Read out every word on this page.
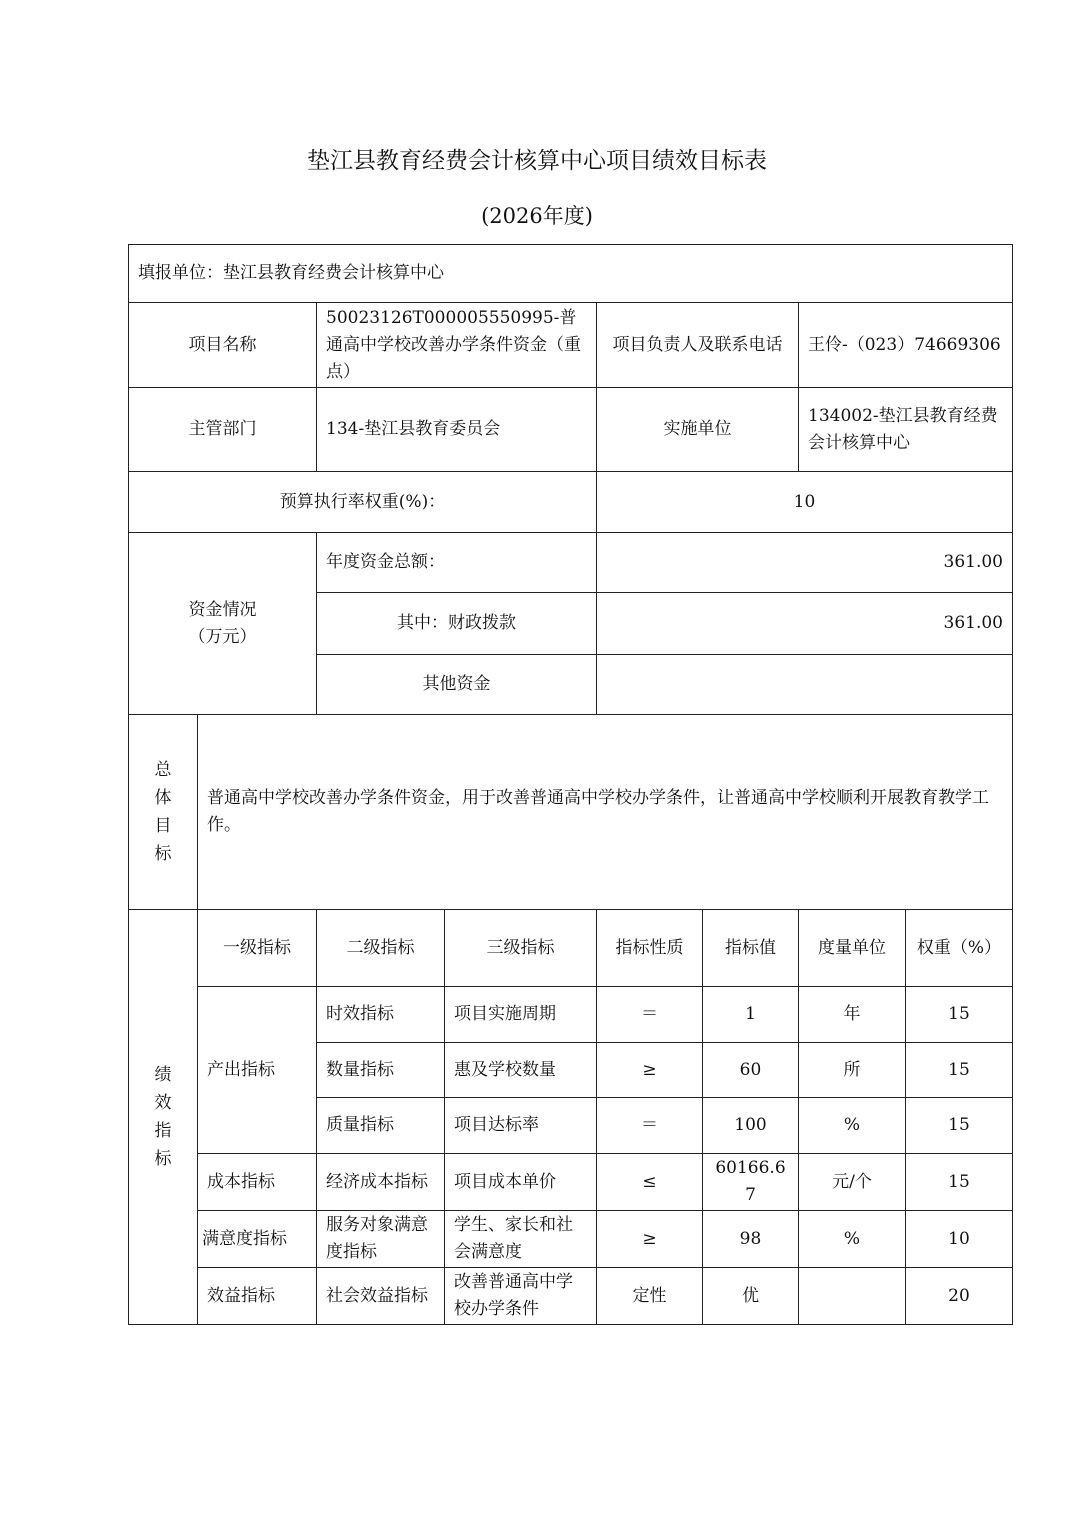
垫江县教育经费会计核算中心项目绩效目标表
(2026年度)
填报单位：垫江县教育经费会计核算中心							
项目名称		50023126T000005550995-普通高中学校改善办学条件资金（重点）		项目负责人及联系电话		王伶-（023）74669306	
主管部门		134-垫江县教育委员会		实施单位		134002-垫江县教育经费会计核算中心	
预算执行率权重(%)：				10			
资金情况（万元）		年度资金总额：		361.00			
		其中：财政拨款		361.00			
		其他资金					
总体目标	普通高中学校改善办学条件资金，用于改善普通高中学校办学条件，让普通高中学校顺利开展教育教学工作。						
绩效指标	一级指标	二级指标	三级指标	指标性质	指标值	度量单位	权重（%）
	产出指标	时效指标	项目实施周期	＝	1	年	15
		数量指标	惠及学校数量	≥	60	所	15
		质量指标	项目达标率	＝	100	%	15
	成本指标	经济成本指标	项目成本单价	≤	60166.67	元/个	15
	满意度指标	服务对象满意度指标	学生、家长和社会满意度	≥	98	%	10
	效益指标	社会效益指标	改善普通高中学校办学条件	定性	优		20
